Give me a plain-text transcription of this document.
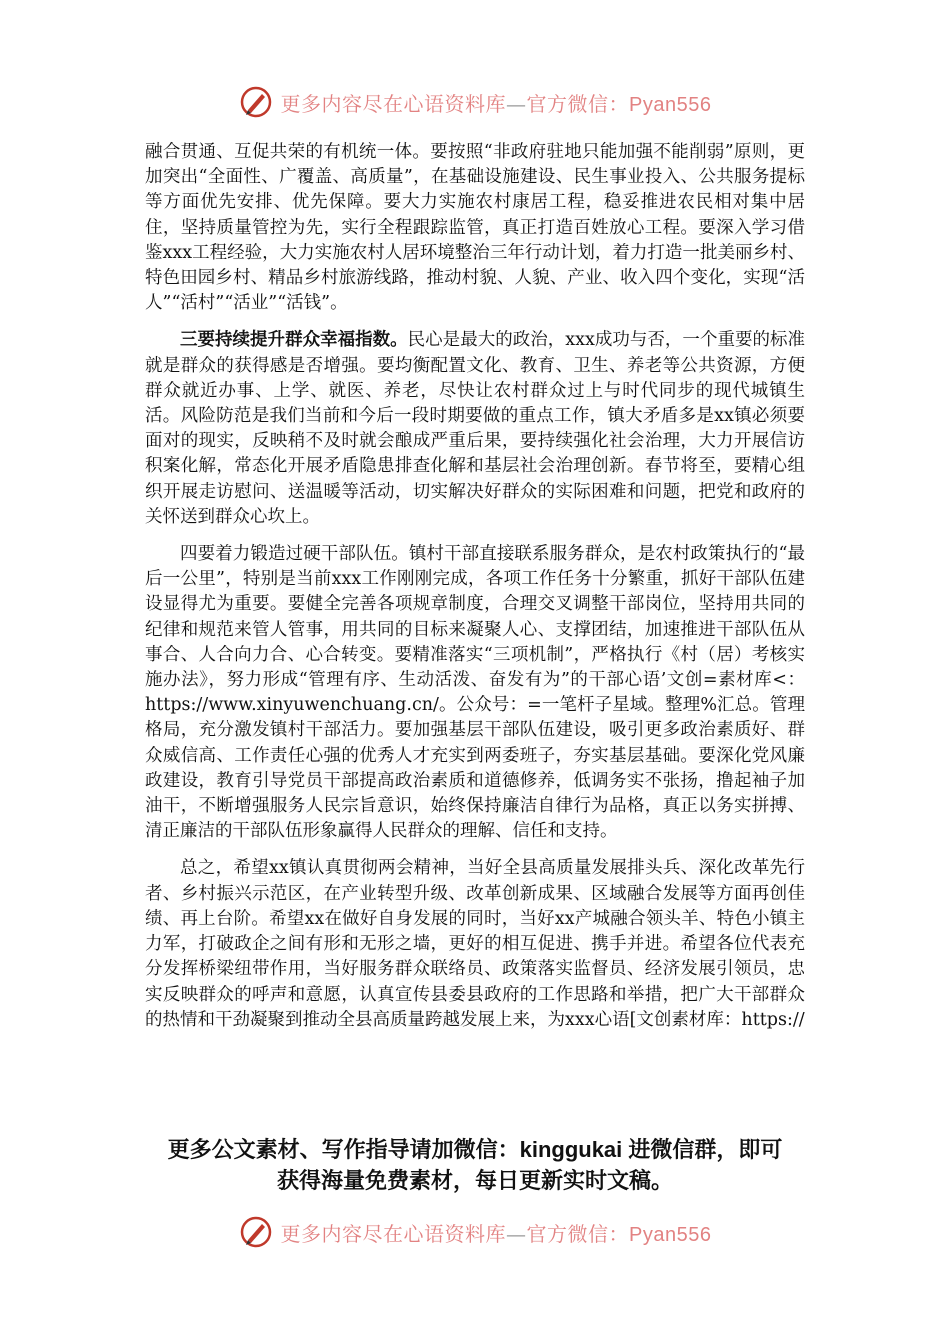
更多内容尽在心语资料库—官方微信：Pyan556

融合贯通、互促共荣的有机统一体。要按照“非政府驻地只能加强不能削弱”原则，更加突出“全面性、广覆盖、高质量”，在基础设施建设、民生事业投入、公共服务提标等方面优先安排、优先保障。要大力实施农村康居工程，稳妥推进农民相对集中居住，坚持质量管控为先，实行全程跟踪监管，真正打造百姓放心工程。要深入学习借鉴xxx工程经验，大力实施农村人居环境整治三年行动计划，着力打造一批美丽乡村、特色田园乡村、精品乡村旅游线路，推动村貌、人貌、产业、收入四个变化，实现“活人”“活村”“活业”“活钱”。

三要持续提升群众幸福指数。民心是最大的政治，xxx成功与否，一个重要的标准就是群众的获得感是否增强。要均衡配置文化、教育、卫生、养老等公共资源，方便群众就近办事、上学、就医、养老，尽快让农村群众过上与时代同步的现代城镇生活。风险防范是我们当前和今后一段时期要做的重点工作，镇大矛盾多是xx镇必须要面对的现实，反映稍不及时就会酿成严重后果，要持续强化社会治理，大力开展信访积案化解，常态化开展矛盾隐患排查化解和基层社会治理创新。春节将至，要精心组织开展走访慰问、送温暖等活动，切实解决好群众的实际困难和问题，把党和政府的关怀送到群众心坎上。

四要着力锻造过硬干部队伍。镇村干部直接联系服务群众，是农村政策执行的“最后一公里”，特别是当前xxx工作刚刚完成，各项工作任务十分繁重，抓好干部队伍建设显得尤为重要。要健全完善各项规章制度，合理交叉调整干部岗位，坚持用共同的纪律和规范来管人管事，用共同的目标来凝聚人心、支撑团结，加速推进干部队伍从事合、人合向力合、心合转变。要精准落实“三项机制”，严格执行《村（居）考核实施办法》，努力形成“管理有序、生动活泼、奋发有为”的干部心语’文创=素材库<：https://www.xinyuwenchuang.cn/。公众号：=一笔杆子星域。整理%汇总。管理格局，充分激发镇村干部活力。要加强基层干部队伍建设，吸引更多政治素质好、群众威信高、工作责任心强的优秀人才充实到两委班子，夯实基层基础。要深化党风廉政建设，教育引导党员干部提高政治素质和道德修养，低调务实不张扬，撸起袖子加油干，不断增强服务人民宗旨意识，始终保持廉洁自律行为品格，真正以务实拼搏、清正廉洁的干部队伍形象赢得人民群众的理解、信任和支持。

总之，希望xx镇认真贯彻两会精神，当好全县高质量发展排头兵、深化改革先行者、乡村振兴示范区，在产业转型升级、改革创新成果、区域融合发展等方面再创佳绩、再上台阶。希望xx在做好自身发展的同时，当好xx产城融合领头羊、特色小镇主力军，打破政企之间有形和无形之墙，更好的相互促进、携手并进。希望各位代表充分发挥桥梁纽带作用，当好服务群众联络员、政策落实监督员、经济发展引领员，忠实反映群众的呼声和意愿，认真宣传县委县政府的工作思路和举措，把广大干部群众的热情和干劲凝聚到推动全县高质量跨越发展上来，为xxx心语[文创素材库：https://

更多公文素材、写作指导请加微信：kinggukai 进微信群，即可
获得海量免费素材，每日更新实时文稿。
更多内容尽在心语资料库—官方微信：Pyan556
